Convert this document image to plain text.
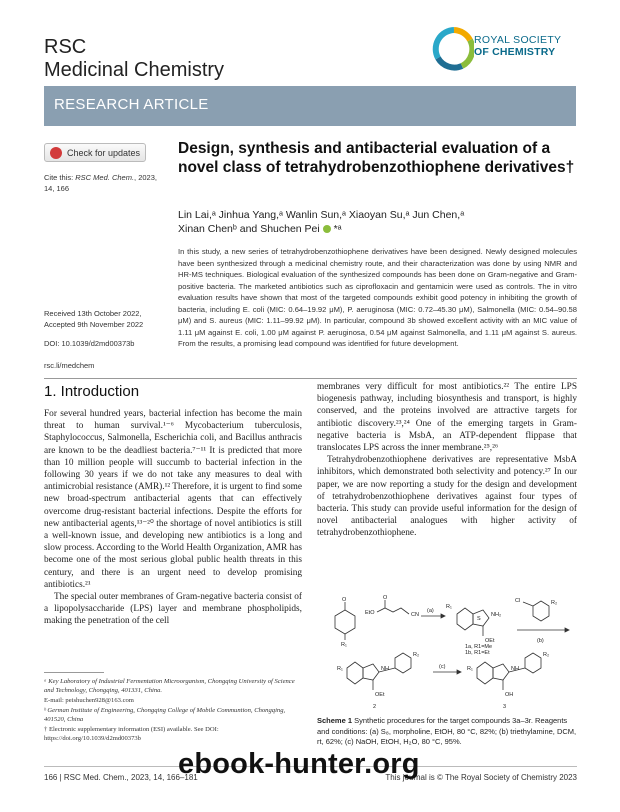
RSC
Medicinal Chemistry
ROYAL SOCIETY
OF CHEMISTRY
RESEARCH ARTICLE
Check for updates
Cite this: RSC Med. Chem., 2023, 14, 166
Design, synthesis and antibacterial evaluation of a novel class of tetrahydrobenzothiophene derivatives†
Lin Lai,ᵃ Jinhua Yang,ᵃ Wanlin Sun,ᵃ Xiaoyan Su,ᵃ Jun Chen,ᵃ
Xinan Chenᵇ and Shuchen Pei *ᵃ
In this study, a new series of tetrahydrobenzothiophene derivatives have been designed. Newly designed molecules have been synthesized through a medicinal chemistry route, and their characterization was done by using NMR and HR-MS techniques. Biological evaluation of the synthesized compounds has been done on Gram-negative and Gram-positive bacteria. The marketed antibiotics such as ciprofloxacin and gentamicin were used as controls. The in vitro evaluation results have shown that most of the targeted compounds exhibit good potency in inhibiting the growth of bacteria, including E. coli (MIC: 0.64–19.92 μM), P. aeruginosa (MIC: 0.72–45.30 μM), Salmonella (MIC: 0.54–90.58 μM) and S. aureus (MIC: 1.11–99.92 μM). In particular, compound 3b showed excellent activity with an MIC value of 1.11 μM against E. coli, 1.00 μM against P. aeruginosa, 0.54 μM against Salmonella, and 1.11 μM against S. aureus. From the results, a promising lead compound was identified for future development.
Received 13th October 2022,
Accepted 9th November 2022
DOI: 10.1039/d2md00373b
rsc.li/medchem
1. Introduction

For several hundred years, bacterial infection has become the main threat to human survival.¹⁻⁶ Mycobacterium tuberculosis, Staphylococcus, Salmonella, Escherichia coli, and Bacillus anthracis are known to be the deadliest bacteria.⁷⁻¹¹ It is predicted that more than 10 million people will succumb to bacterial infection in the following 30 years if we do not take any measures to deal with antimicrobial resistance (AMR).¹² Therefore, it is urgent to find some new broad-spectrum antibacterial agents that can effectively overcome drug-resistant bacterial infections. Despite the efforts for new antibacterial agents,¹³⁻²⁰ the shortage of novel antibiotics is still a well-known issue, and developing new antibiotics is a long and slow process. According to the World Health Organization, AMR has become one of the most serious global public health threats in this century, and there is an urgent need to develop promising antibiotics.²¹

The special outer membranes of Gram-negative bacteria consist of a lipopolysaccharide (LPS) layer and membrane phospholipids, making the penetration of the cell

membranes very difficult for most antibiotics.²² The entire LPS biogenesis pathway, including biosynthesis and transport, is highly conserved, and the proteins involved are attractive targets for antibiotic discovery.²³,²⁴ One of the emerging targets in Gram-negative bacteria is MsbA, an ATP-dependent flippase that translocates LPS across the inner membrane.²⁵,²⁶

Tetrahydrobenzothiophene derivatives are representative MsbA inhibitors, which demonstrated both selectivity and potency.²⁷ In our paper, we are now reporting a study for the design and development of tetrahydrobenzothiophene derivatives against four types of bacteria. This study can provide useful information for the design of novel antibacterial analogues with higher activity of tetrahydrobenzothiophene.

ᵃ Key Laboratory of Industrial Fermentation Microorganism, Chongqing University of Science and Technology, Chongqing, 401331, China.
E-mail: peishuchen928@163.com
ᵇ German Institute of Engineering, Chongqing College of Mobile Communtion, Chongqing, 401520, China
† Electronic supplementary information (ESI) available. See DOI: https://doi.org/10.1039/d2md00373b
O
R₁
EtO
O
CN
(a)
R₁
S
NH₂
OEt
1a, R1=Me
1b, R1=Et
Cl	R₂
(b)
R₁	NH
R₂
OEt
2
(c)	R₁	NH
R₂
OH
3
Scheme 1 Synthetic procedures for the target compounds 3a–3r. Reagents and conditions: (a) S₈, morpholine, EtOH, 80 °C, 82%; (b) triethylamine, DCM, rt, 62%; (c) NaOH, EtOH, H₂O, 80 °C, 95%.
166 | RSC Med. Chem., 2023, 14, 166–181	This journal is © The Royal Society of Chemistry 2023
ebook-hunter.org
